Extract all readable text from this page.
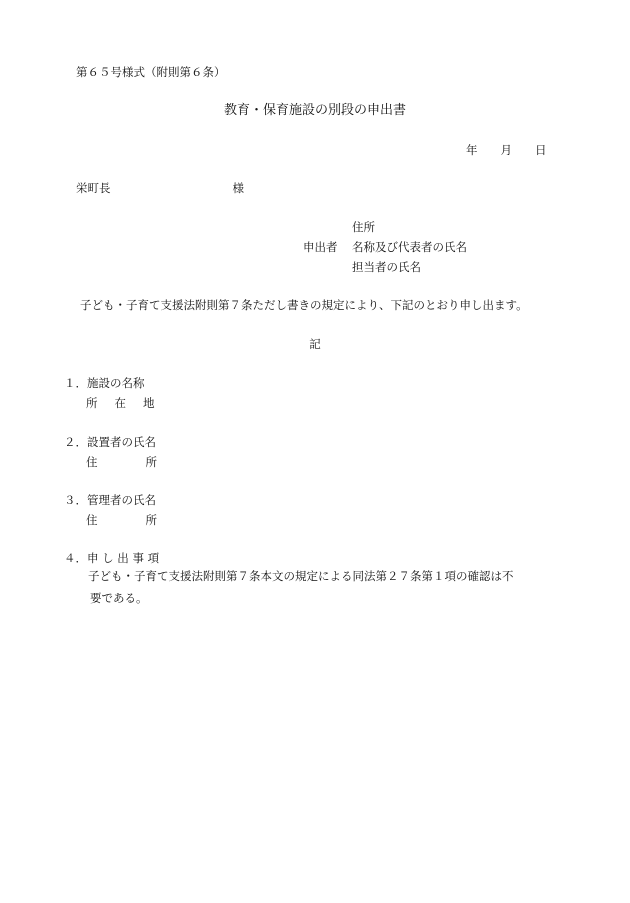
第６５号様式（附則第６条）
教育・保育施設の別段の申出書
年 月 日
栄町長	様
申出者
住所
名称及び代表者の氏名
担当者の氏名
子ども・子育て支援法附則第７条ただし書きの規定により、下記のとおり申し出ます。
記
１．施設の名称
所 在 地
２．設置者の氏名
住	所
３．管理者の氏名
住	所
４．申 し 出 事 項
子ども・子育て支援法附則第７条本文の規定による同法第２７条第１項の確認は不
要である。
